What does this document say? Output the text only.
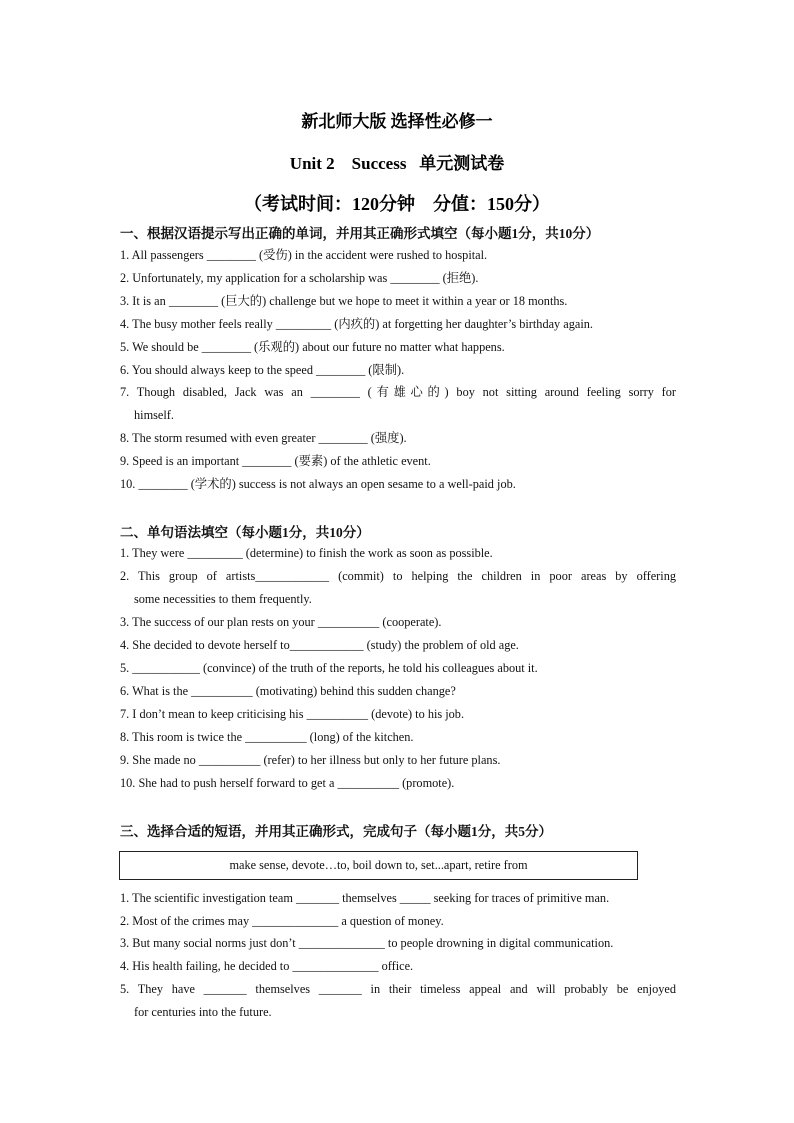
新北师大版 选择性必修一
Unit 2    Success   单元测试卷
（考试时间：120分钟    分值：150分）
一、根据汉语提示写出正确的单词，并用其正确形式填空（每小题1分，共10分）
1. All passengers ________ (受伤) in the accident were rushed to hospital.
2. Unfortunately, my application for a scholarship was ________ (拒绝).
3. It is an ________ (巨大的) challenge but we hope to meet it within a year or 18 months.
4. The busy mother feels really _________ (内疚的) at forgetting her daughter’s birthday again.
5. We should be ________ (乐观的) about our future no matter what happens.
6. You should always keep to the speed ________ (限制).
7. Though disabled, Jack was an ________ (有雄心的) boy not sitting around feeling sorry for
himself.
8. The storm resumed with even greater ________ (强度).
9. Speed is an important ________ (要素) of the athletic event.
10. ________ (学术的) success is not always an open sesame to a well-paid job.
二、单句语法填空（每小题1分，共10分）
1. They were _________ (determine) to finish the work as soon as possible.
2. This group of artists____________ (commit) to helping the children in poor areas by offering
some necessities to them frequently.
3. The success of our plan rests on your __________ (cooperate).
4. She decided to devote herself to____________ (study) the problem of old age.
5. ___________ (convince) of the truth of the reports, he told his colleagues about it.
6. What is the __________ (motivating) behind this sudden change?
7. I don’t mean to keep criticising his __________ (devote) to his job.
8. This room is twice the __________ (long) of the kitchen.
9. She made no __________ (refer) to her illness but only to her future plans.
10. She had to push herself forward to get a __________ (promote).
三、选择合适的短语，并用其正确形式，完成句子（每小题1分，共5分）
make sense, devote…to, boil down to, set...apart, retire from
1. The scientific investigation team _______ themselves _____ seeking for traces of primitive man.
2. Most of the crimes may ______________ a question of money.
3. But many social norms just don’t ______________ to people drowning in digital communication.
4. His health failing, he decided to ______________ office.
5. They have _______ themselves _______ in their timeless appeal and will probably be enjoyed
for centuries into the future.
